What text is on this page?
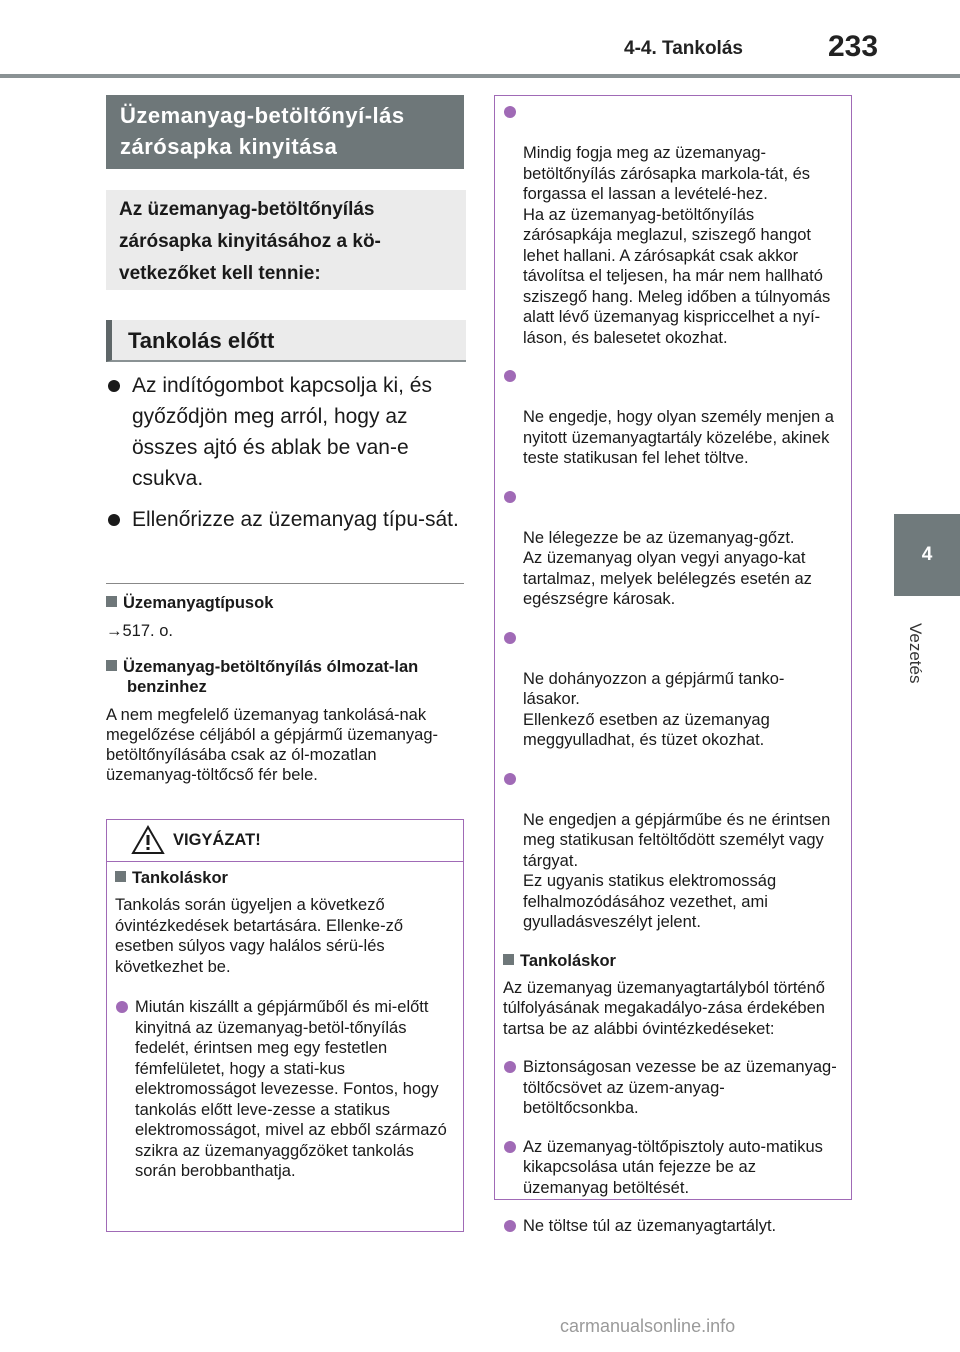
4-4. Tankolás	233
4
Vezetés
Üzemanyag-betöltőnyí-lás zárósapka kinyitása
Az üzemanyag-betöltőnyílás zárósapka kinyitásához a kö-vetkezőket kell tennie:
Tankolás előtt
Az indítógombot kapcsolja ki, és győződjön meg arról, hogy az összes ajtó és ablak be van-e csukva.
Ellenőrizze az üzemanyag típu-sát.
Üzemanyagtípusok
→517. o.
Üzemanyag-betöltőnyílás ólmozat-lan benzinhez
A nem megfelelő üzemanyag tankolásá-nak megelőzése céljából a gépjármű üzemanyag-betöltőnyílásába csak az ól-mozatlan üzemanyag-töltőcső fér bele.
VIGYÁZAT!
Tankoláskor
Tankolás során ügyeljen a következő óvintézkedések betartására. Ellenke-ző esetben súlyos vagy halálos sérü-lés következhet be.
Miután kiszállt a gépjárműből és mi-előtt kinyitná az üzemanyag-betöl-tőnyílás fedelét, érintsen meg egy festetlen fémfelületet, hogy a stati-kus elektromosságot levezesse. Fontos, hogy tankolás előtt leve-zesse a statikus elektromosságot, mivel az ebből származó szikra az üzemanyaggőzöket tankolás során berobbanthatja.

Mindig fogja meg az üzemanyag-betöltőnyílás zárósapka markola-tát, és forgassa el lassan a levételé-hez.
Ha az üzemanyag-betöltőnyílás zárósapkája meglazul, sziszegő hangot lehet hallani. A zárósapkát csak akkor távolítsa el teljesen, ha már nem hallható sziszegő hang. Meleg időben a túlnyomás alatt lévő üzemanyag kispriccelhet a nyí-láson, és balesetet okozhat.

Ne engedje, hogy olyan személy menjen a nyitott üzemanyagtartály közelébe, akinek teste statikusan fel lehet töltve.

Ne lélegezze be az üzemanyag-gőzt.
Az üzemanyag olyan vegyi anyago-kat tartalmaz, melyek belélegzés esetén az egészségre károsak.

Ne dohányozzon a gépjármű tanko-lásakor.
Ellenkező esetben az üzemanyag meggyulladhat, és tüzet okozhat.

Ne engedjen a gépjárműbe és ne érintsen meg statikusan feltöltődött személyt vagy tárgyat.
Ez ugyanis statikus elektromosság felhalmozódásához vezethet, ami gyulladásveszélyt jelent.

Tankoláskor
Az üzemanyag üzemanyagtartályból történő túlfolyásának megakadályo-zása érdekében tartsa be az alábbi óvintézkedéseket:
Biztonságosan vezesse be az üzemanyag-töltőcsövet az üzem-anyag-betöltőcsonkba.
Az üzemanyag-töltőpisztoly auto-matikus kikapcsolása után fejezze be az üzemanyag betöltését.
Ne töltse túl az üzemanyagtartályt.
carmanualsonline.info
